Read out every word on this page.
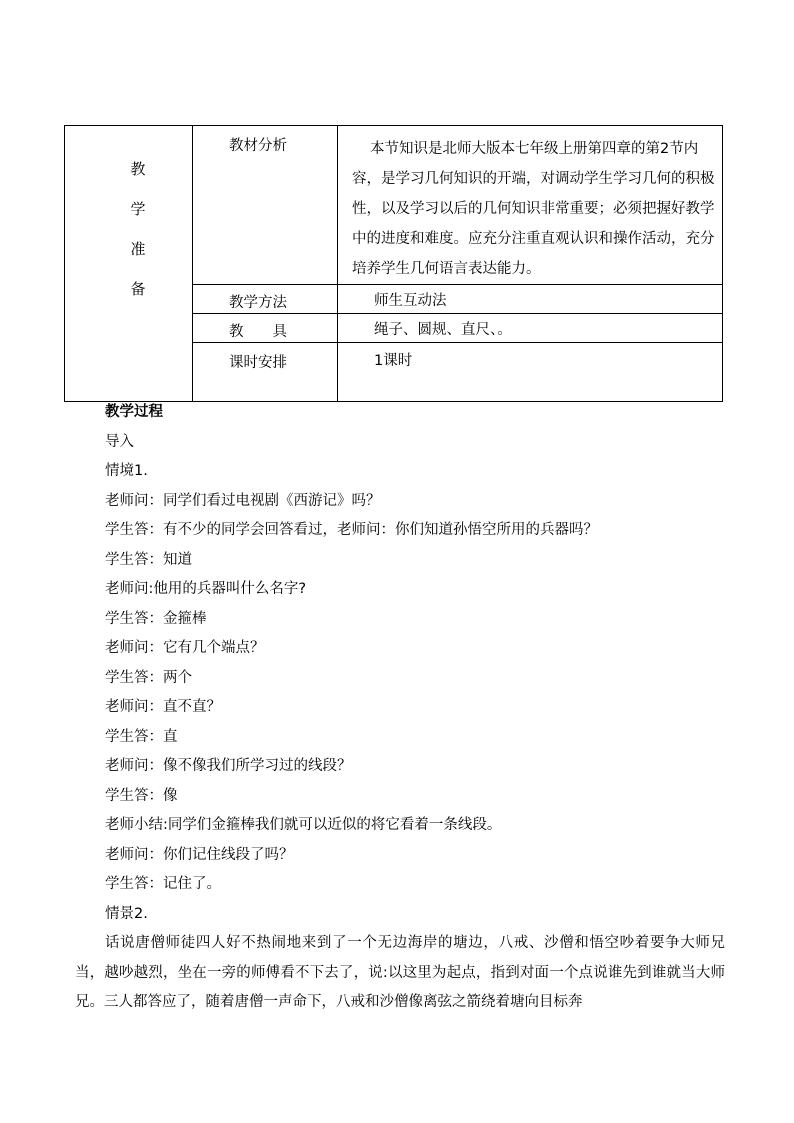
教
学
准
备	教材分析	本节知识是北师大版本七年级上册第四章的第2节内容，是学习几何知识的开端，对调动学生学习几何的积极性，以及学习以后的几何知识非常重要；必须把握好教学中的进度和难度。应充分注重直观认识和操作活动，充分培养学生几何语言表达能力。

	教学方法	师生互动法
	教　　具	绳子、圆规、直尺、。
	课时安排	1课时
教学过程
导入
情境1.
老师问：同学们看过电视剧《西游记》吗？
学生答：有不少的同学会回答看过，老师问：你们知道孙悟空所用的兵器吗？
学生答：知道
老师问:他用的兵器叫什么名字?
学生答：金箍棒
老师问：它有几个端点？
学生答：两个
老师问：直不直？
学生答：直
老师问：像不像我们所学习过的线段？
学生答：像
老师小结:同学们金箍棒我们就可以近似的将它看着一条线段。
老师问：你们记住线段了吗？
学生答：记住了。
情景2.
话说唐僧师徒四人好不热闹地来到了一个无边海岸的塘边，八戒、沙僧和悟空吵着要争大师兄当，越吵越烈，坐在一旁的师傅看不下去了，说:以这里为起点，指到对面一个点说谁先到谁就当大师兄。三人都答应了，随着唐僧一声命下，八戒和沙僧像离弦之箭绕着塘向目标奔
